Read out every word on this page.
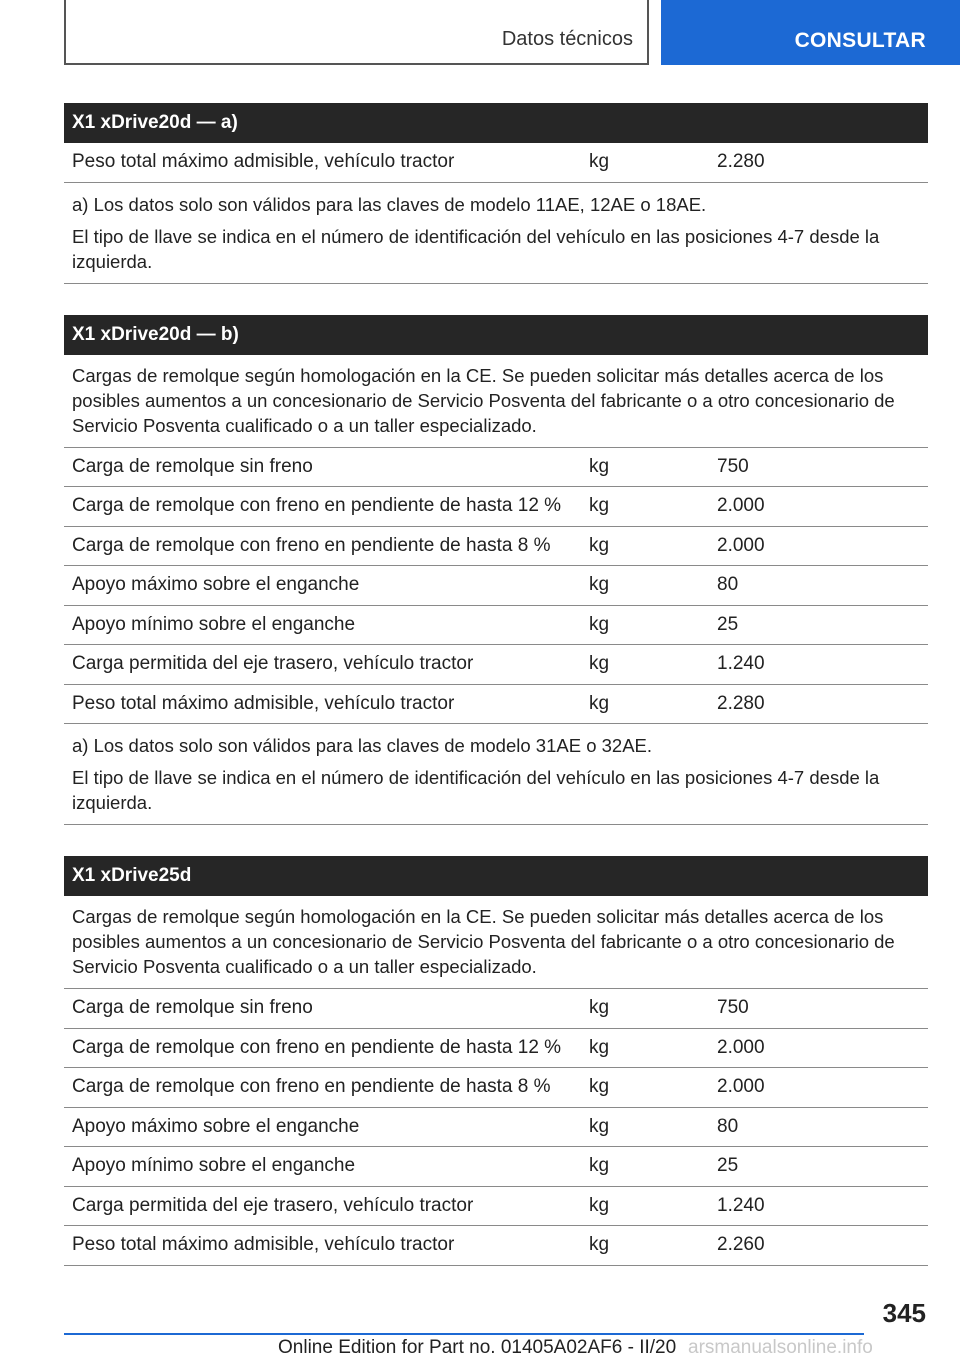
Datos técnicos	CONSULTAR
X1 xDrive20d — a)
Peso total máximo admisible, vehículo tractor	kg	2.280

a) Los datos solo son válidos para las claves de modelo 11AE, 12AE o 18AE.

El tipo de llave se indica en el número de identificación del vehículo en las posiciones 4-7 desde la izquierda.

X1 xDrive20d — b)
Cargas de remolque según homologación en la CE. Se pueden solicitar más detalles acerca de los posibles aumentos a un concesionario de Servicio Posventa del fabricante o a otro concesionario de Servicio Posventa cualificado o a un taller especializado.
Carga de remolque sin freno	kg	750
Carga de remolque con freno en pendiente de hasta 12 %	kg	2.000
Carga de remolque con freno en pendiente de hasta 8 %	kg	2.000
Apoyo máximo sobre el enganche	kg	80
Apoyo mínimo sobre el enganche	kg	25
Carga permitida del eje trasero, vehículo tractor	kg	1.240
Peso total máximo admisible, vehículo tractor	kg	2.280

a) Los datos solo son válidos para las claves de modelo 31AE o 32AE.

El tipo de llave se indica en el número de identificación del vehículo en las posiciones 4-7 desde la izquierda.

X1 xDrive25d
Cargas de remolque según homologación en la CE. Se pueden solicitar más detalles acerca de los posibles aumentos a un concesionario de Servicio Posventa del fabricante o a otro concesionario de Servicio Posventa cualificado o a un taller especializado.
Carga de remolque sin freno	kg	750
Carga de remolque con freno en pendiente de hasta 12 %	kg	2.000
Carga de remolque con freno en pendiente de hasta 8 %	kg	2.000
Apoyo máximo sobre el enganche	kg	80
Apoyo mínimo sobre el enganche	kg	25
Carga permitida del eje trasero, vehículo tractor	kg	1.240
Peso total máximo admisible, vehículo tractor	kg	2.260
345
Online Edition for Part no. 01405A02AF6 - II/20 arsmanualsonline.info
